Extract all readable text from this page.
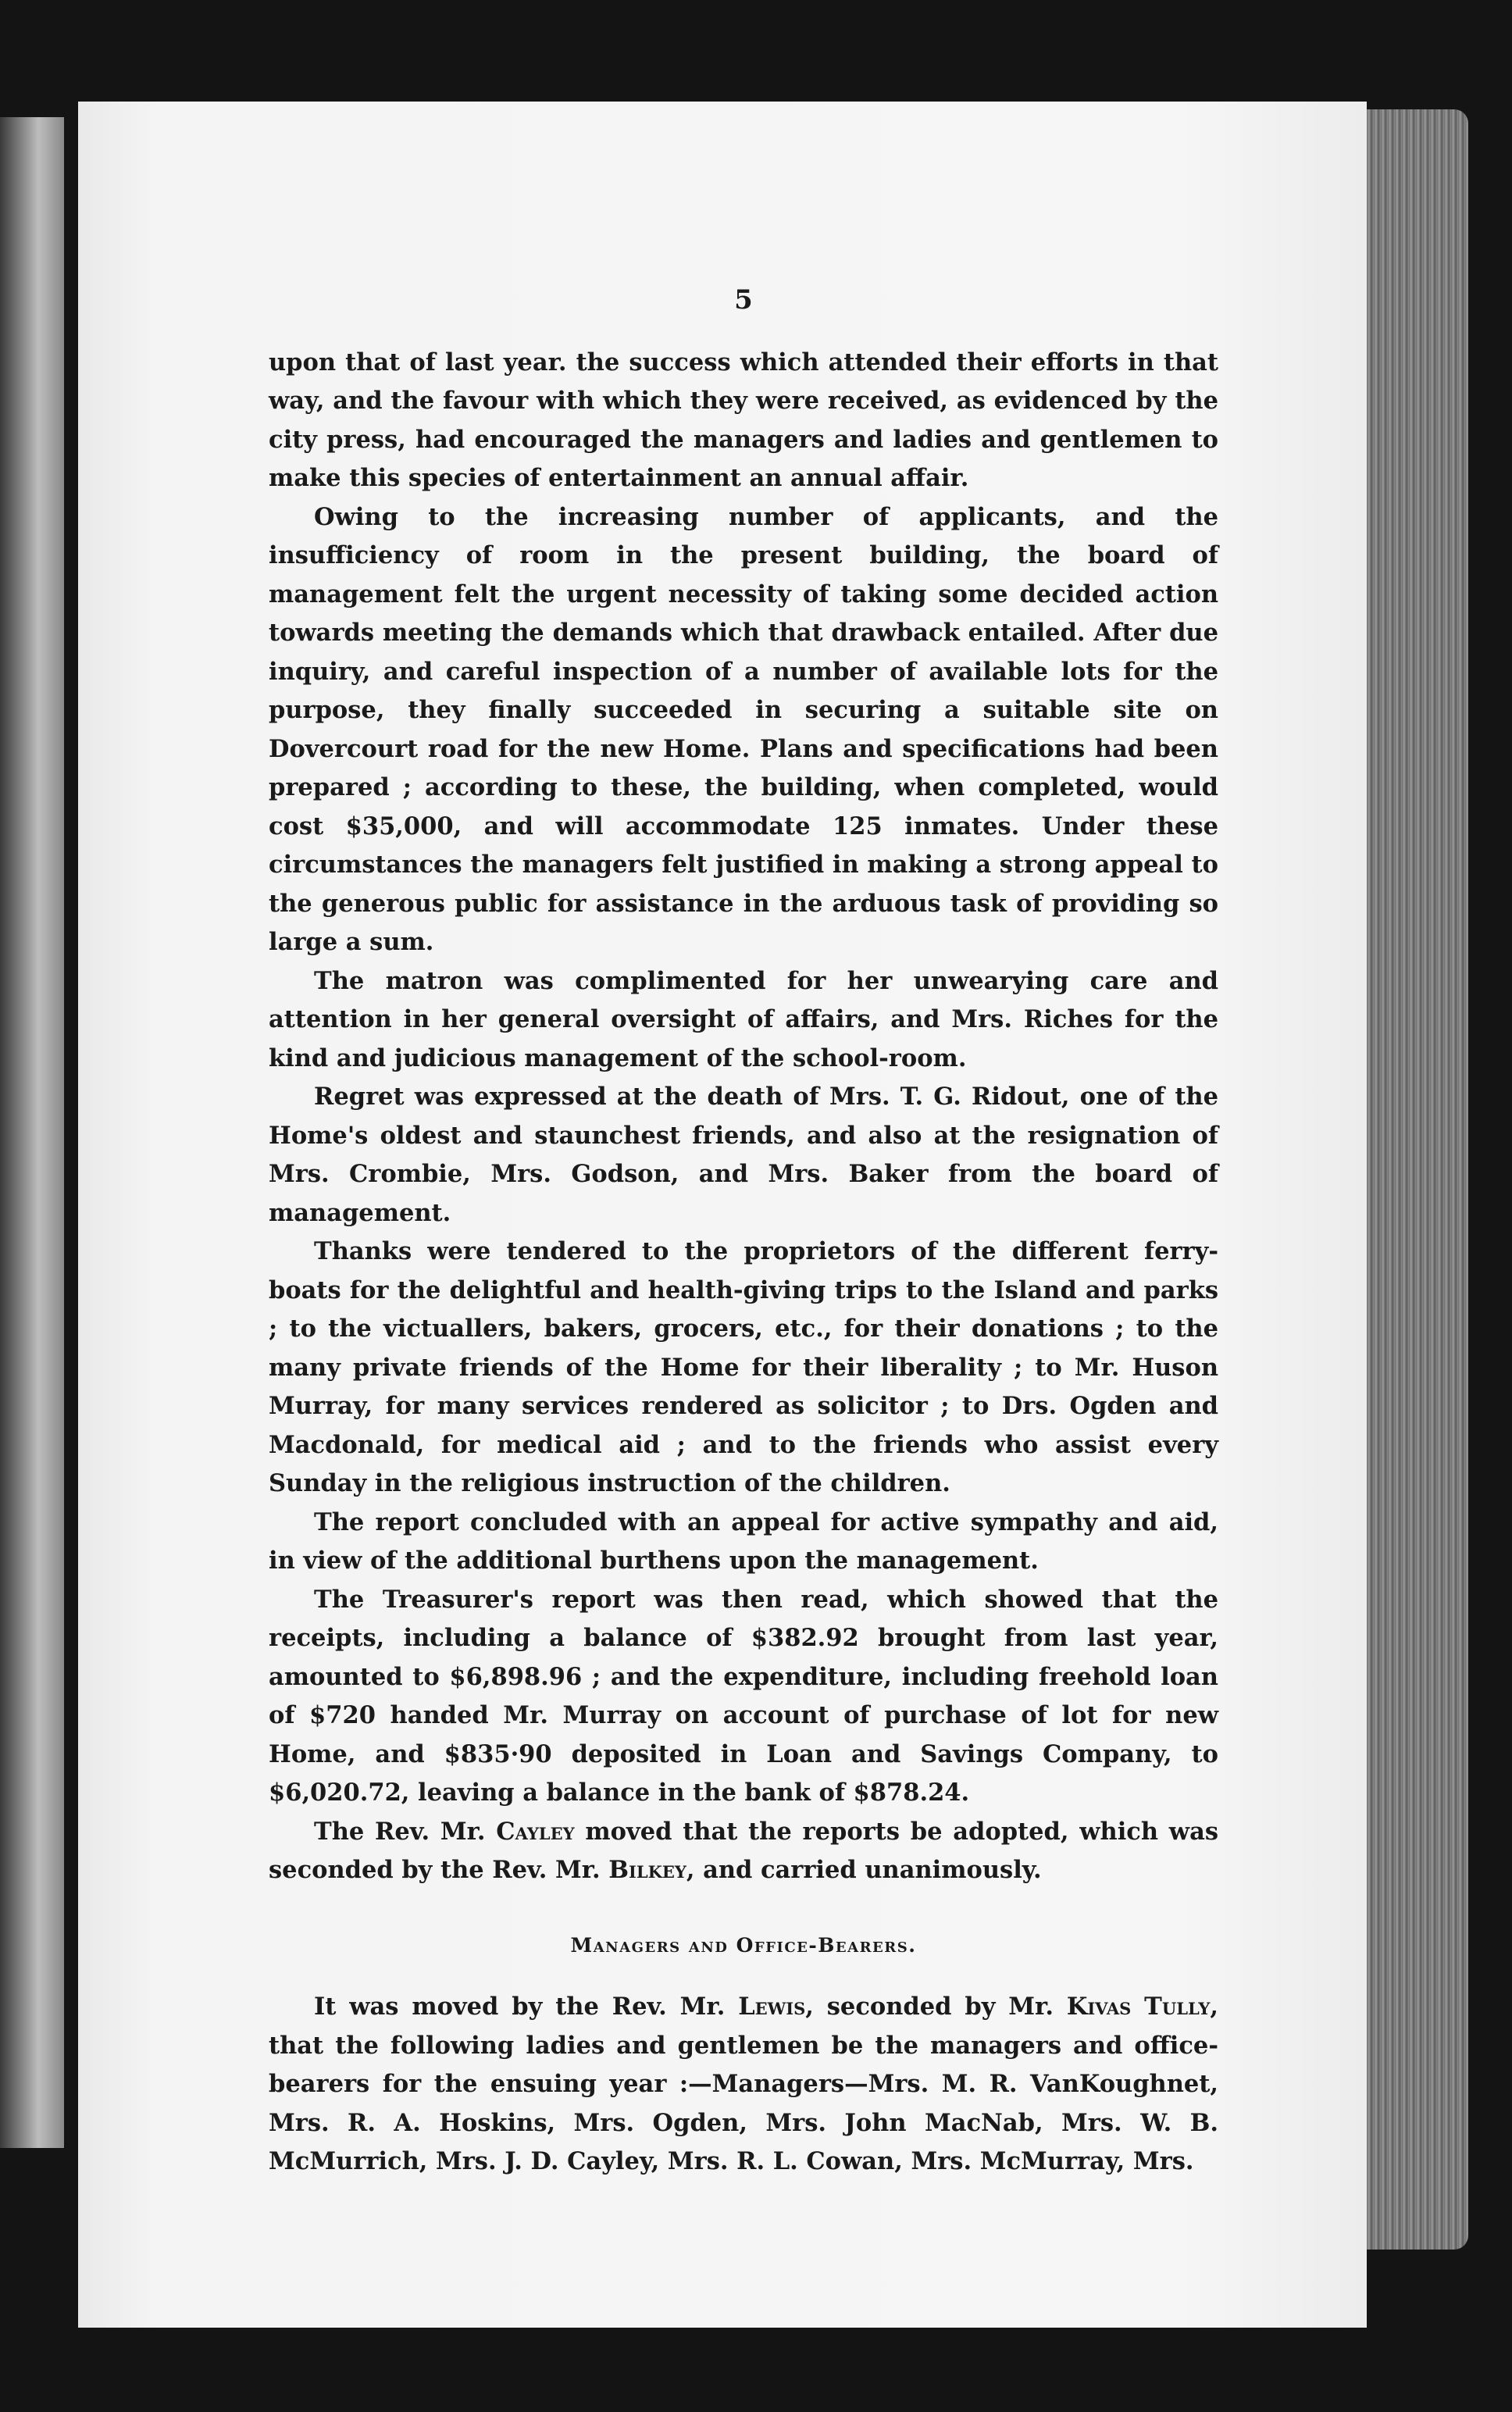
5

upon that of last year. the success which attended their efforts in that way, and the favour with which they were received, as evidenced by the city press, had encouraged the managers and ladies and gentlemen to make this species of entertainment an annual affair.

Owing to the increasing number of applicants, and the insufficiency of room in the present building, the board of management felt the urgent necessity of taking some decided action towards meeting the demands which that drawback entailed. After due inquiry, and careful inspection of a number of available lots for the purpose, they finally succeeded in securing a suitable site on Dovercourt road for the new Home. Plans and specifications had been prepared ; according to these, the building, when completed, would cost $35,000, and will accommodate 125 inmates. Under these circumstances the managers felt justified in making a strong appeal to the generous public for assistance in the arduous task of providing so large a sum.

The matron was complimented for her unwearying care and attention in her general oversight of affairs, and Mrs. Riches for the kind and judicious management of the school-room.

Regret was expressed at the death of Mrs. T. G. Ridout, one of the Home's oldest and staunchest friends, and also at the resignation of Mrs. Crombie, Mrs. Godson, and Mrs. Baker from the board of management.

Thanks were tendered to the proprietors of the different ferry-boats for the delightful and health-giving trips to the Island and parks ; to the victuallers, bakers, grocers, etc., for their donations ; to the many private friends of the Home for their liberality ; to Mr. Huson Murray, for many services rendered as solicitor ; to Drs. Ogden and Macdonald, for medical aid ; and to the friends who assist every Sunday in the religious instruction of the children.

The report concluded with an appeal for active sympathy and aid, in view of the additional burthens upon the management.

The Treasurer's report was then read, which showed that the receipts, including a balance of $382.92 brought from last year, amounted to $6,898.96 ; and the expenditure, including freehold loan of $720 handed Mr. Murray on account of purchase of lot for new Home, and $835·90 deposited in Loan and Savings Company, to $6,020.72, leaving a balance in the bank of $878.24.

The Rev. Mr. Cayley moved that the reports be adopted, which was seconded by the Rev. Mr. Bilkey, and carried unanimously.

Managers and Office-Bearers.

It was moved by the Rev. Mr. Lewis, seconded by Mr. Kivas Tully, that the following ladies and gentlemen be the managers and office-bearers for the ensuing year :—Managers—Mrs. M. R. VanKoughnet, Mrs. R. A. Hoskins, Mrs. Ogden, Mrs. John MacNab, Mrs. W. B. McMurrich, Mrs. J. D. Cayley, Mrs. R. L. Cowan, Mrs. McMurray, Mrs.
